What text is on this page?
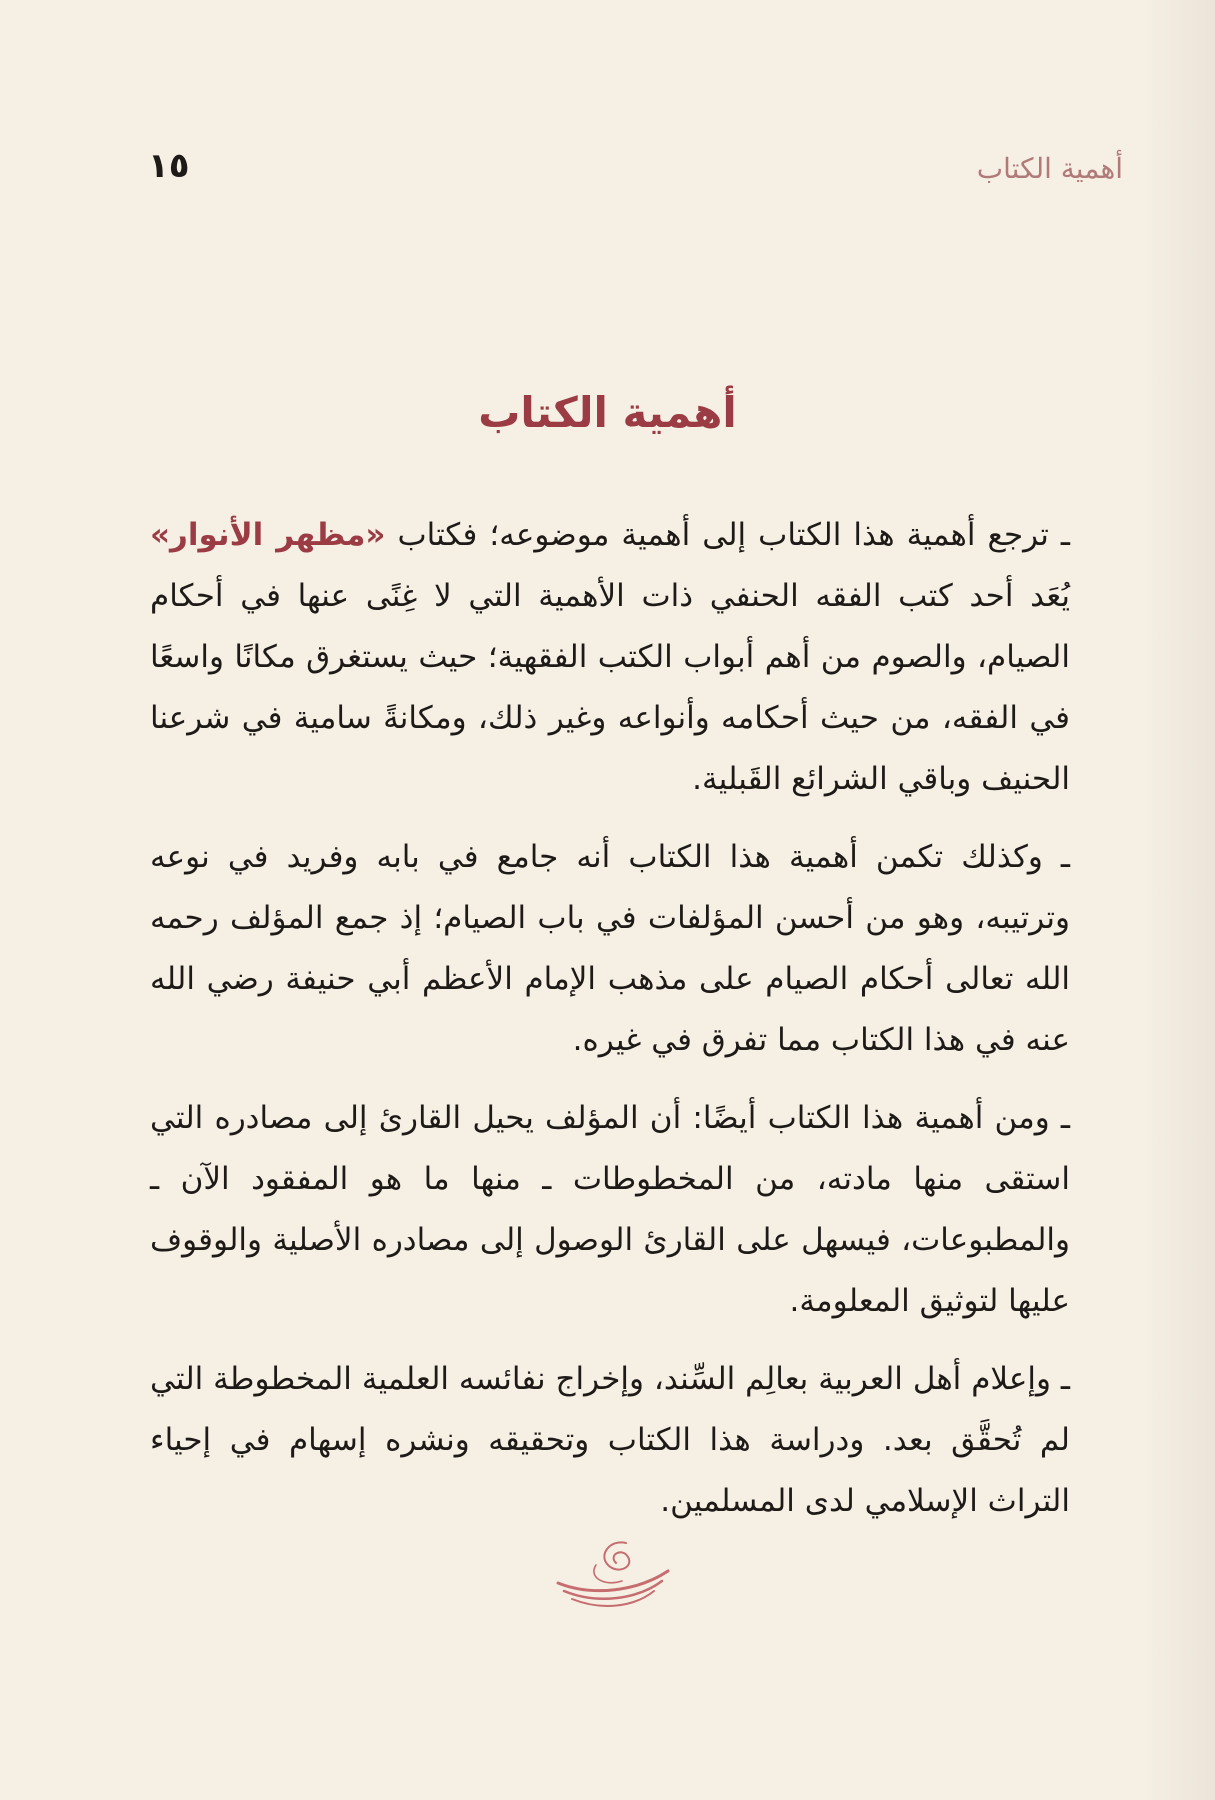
أهمية الكتاب
١٥
أهمية الكتاب

ـ ترجع أهمية هذا الكتاب إلى أهمية موضوعه؛ فكتاب «مظهر الأنوار» يُعَد أحد كتب الفقه الحنفي ذات الأهمية التي لا غِنًى عنها في أحكام الصيام، والصوم من أهم أبواب الكتب الفقهية؛ حيث يستغرق مكانًا واسعًا في الفقه، من حيث أحكامه وأنواعه وغير ذلك، ومكانةً سامية في شرعنا الحنيف وباقي الشرائع القَبلية.

ـ وكذلك تكمن أهمية هذا الكتاب أنه جامع في بابه وفريد في نوعه وترتيبه، وهو من أحسن المؤلفات في باب الصيام؛ إذ جمع المؤلف رحمه الله تعالى أحكام الصيام على مذهب الإمام الأعظم أبي حنيفة رضي الله عنه في هذا الكتاب مما تفرق في غيره.

ـ ومن أهمية هذا الكتاب أيضًا: أن المؤلف يحيل القارئ إلى مصادره التي استقى منها مادته، من المخطوطات ـ منها ما هو المفقود الآن ـ والمطبوعات، فيسهل على القارئ الوصول إلى مصادره الأصلية والوقوف عليها لتوثيق المعلومة.

ـ وإعلام أهل العربية بعالِم السِّند، وإخراج نفائسه العلمية المخطوطة التي لم تُحقَّق بعد. ودراسة هذا الكتاب وتحقيقه ونشره إسهام في إحياء التراث الإسلامي لدى المسلمين.
